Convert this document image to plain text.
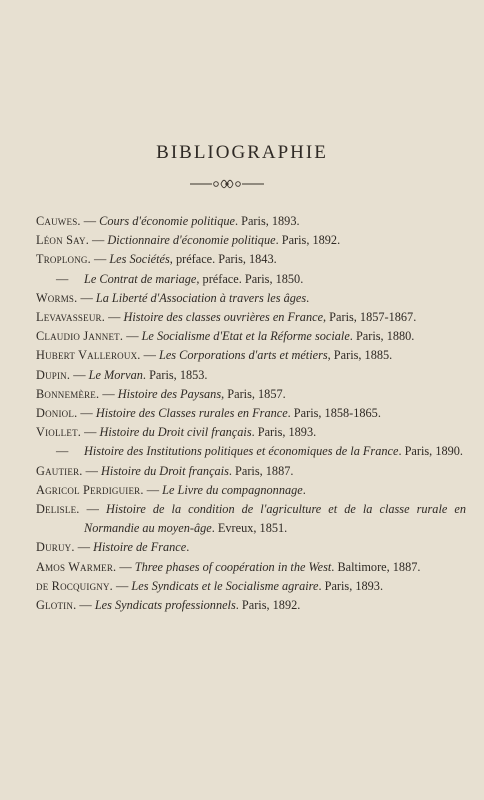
BIBLIOGRAPHIE
Cauwes. — Cours d'économie politique. Paris, 1893.
Léon Say. — Dictionnaire d'économie politique. Paris, 1892.
Troplong. — Les Sociétés, préface. Paris, 1843.
— Le Contrat de mariage, préface. Paris, 1850.
Worms. — La Liberté d'Association à travers les âges.
Levavasseur. — Histoire des classes ouvrières en France, Paris, 1857-1867.
Claudio Jannet. — Le Socialisme d'Etat et la Réforme sociale. Paris, 1880.
Hubert Valleroux. — Les Corporations d'arts et métiers, Paris, 1885.
Dupin. — Le Morvan. Paris, 1853.
Bonnemère. — Histoire des Paysans, Paris, 1857.
Doniol. — Histoire des Classes rurales en France. Paris, 1858-1865.
Viollet. — Histoire du Droit civil français. Paris, 1893.
— Histoire des Institutions politiques et économiques de la France. Paris, 1890.
Gautier. — Histoire du Droit français. Paris, 1887.
Agricol Perdiguier. — Le Livre du compagnonnage.
Delisle. — Histoire de la condition de l'agriculture et de la classe rurale en Normandie au moyen-âge. Evreux, 1851.
Duruy. — Histoire de France.
Amos Warmer. — Three phases of coopération in the West. Baltimore, 1887.
de Rocquigny. — Les Syndicats et le Socialisme agraire. Paris, 1893.
Glotin. — Les Syndicats professionnels. Paris, 1892.
